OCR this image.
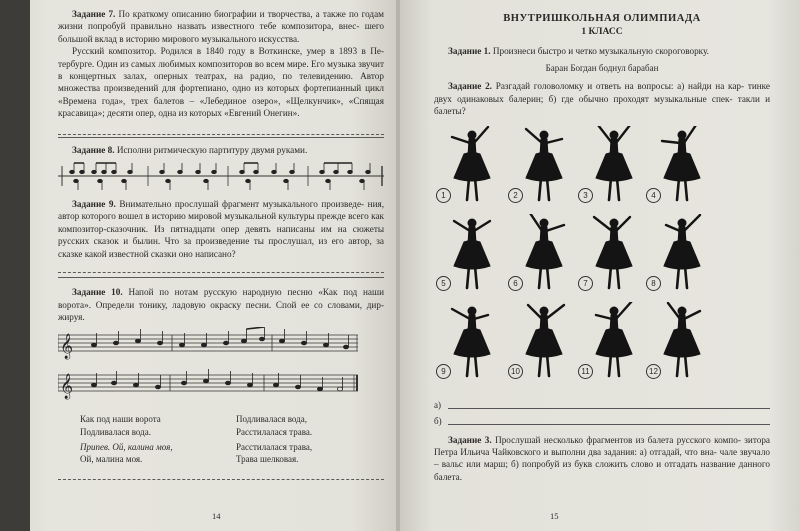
Задание 7. По краткому описанию биографии и творчества, а также по годам жизни попробуй правильно назвать известного тебе композитора, внес- шего большой вклад в историю мирового музыкального искусства.

Русский композитор. Родился в 1840 году в Воткинске, умер в 1893 в Пе- тербурге. Один из самых любимых композиторов во всем мире. Его музыка звучит в концертных залах, оперных театрах, на радио, по телевидению. Автор множества произведений для фортепиано, одно из которых фортепианный цикл «Времена года», трех балетов – «Лебединое озеро», «Щелкунчик», «Спящая красавица»; десяти опер, одна из которых «Евгений Онегин».

Задание 8. Исполни ритмическую партитуру двумя руками.

Задание 9. Внимательно прослушай фрагмент музыкального произведе- ния, автор которого вошел в историю мировой музыкальной культуры прежде всего как композитор-сказочник. Из пятнадцати опер девять написаны им на сюжеты русских сказок и былин. Что за произведение ты прослушал, из его автор, за сказке какой известной сказки оно написано?

Задание 10. Напой по нотам русскую народную песню «Как под наши ворота». Определи тонику, ладовую окраску песни. Спой ее со словами, дир- жируя.

𝄞
𝄞
Как под наши ворота
Подливалася вода.
Припев. Ой, калина моя,
Ой, малина моя.
Подливалася вода,
Расстилалася трава.
Расстилалася трава,
Трава шелковая.
14
ВНУТРИШКОЛЬНАЯ ОЛИМПИАДА
1 КЛАСС

Задание 1. Произнеси быстро и четко музыкальную скороговорку.

Баран Богдан боднул барабан

Задание 2. Разгадай головоломку и ответь на вопросы: а) найди на кар- тинке двух одинаковых балерин; б) где обычно проходят музыкальные спек- такли и балеты?

1	2	3	4
5	6	7	8
9	10	11	12
а)
б)

Задание 3. Прослушай несколько фрагментов из балета русского компо- зитора Петра Ильича Чайковского и выполни два задания: а) отгадай, что вна- чале звучало – вальс или марш; б) попробуй из букв сложить слово и отгадать название данного балета.

15
